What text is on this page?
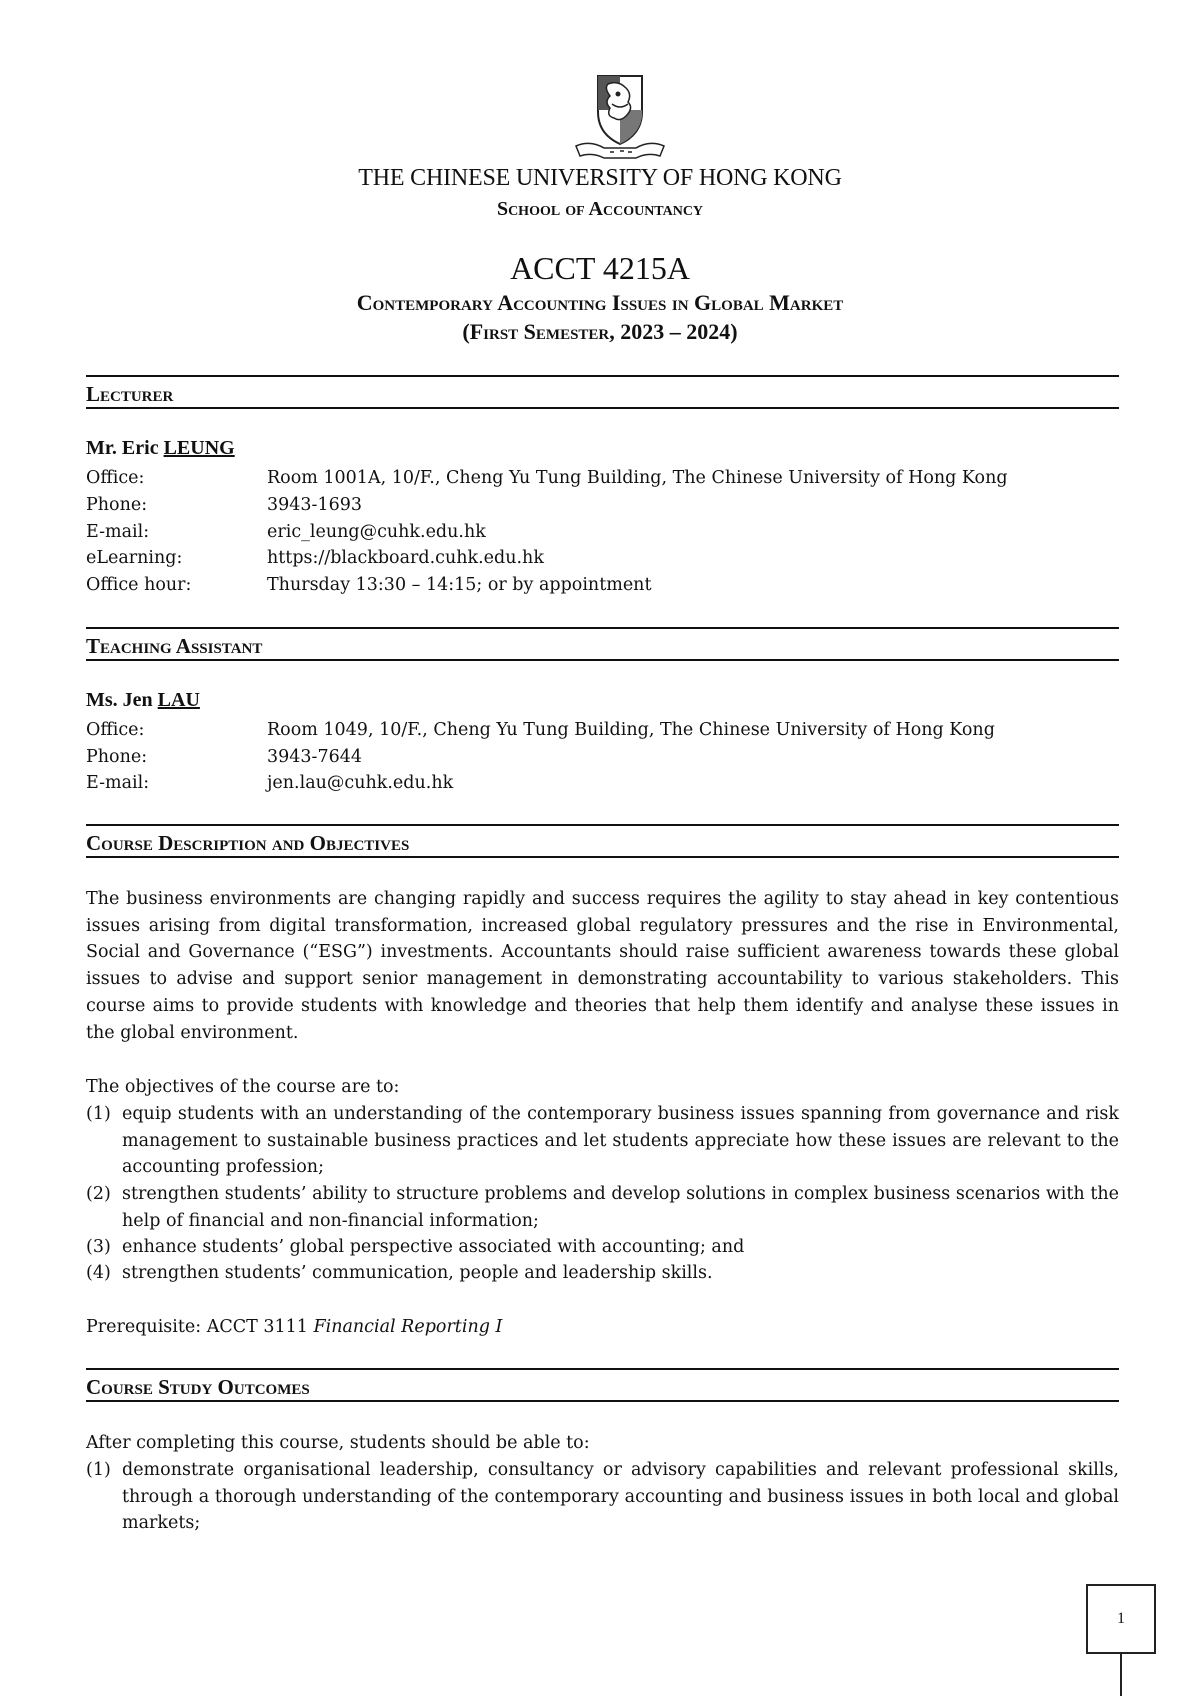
THE CHINESE UNIVERSITY OF HONG KONG
School of Accountancy
ACCT 4215A
Contemporary Accounting Issues in Global Market
(First Semester, 2023 – 2024)
Lecturer
Mr. Eric LEUNG
Office:	Room 1001A, 10/F., Cheng Yu Tung Building, The Chinese University of Hong Kong
Phone:	3943-1693
E-mail:	eric_leung@cuhk.edu.hk
eLearning:	https://blackboard.cuhk.edu.hk
Office hour:	Thursday 13:30 – 14:15; or by appointment
Teaching Assistant
Ms. Jen LAU
Office:	Room 1049, 10/F., Cheng Yu Tung Building, The Chinese University of Hong Kong
Phone:	3943-7644
E-mail:	jen.lau@cuhk.edu.hk
Course Description and Objectives
The business environments are changing rapidly and success requires the agility to stay ahead in key contentious issues arising from digital transformation, increased global regulatory pressures and the rise in Environmental, Social and Governance (“ESG”) investments. Accountants should raise sufficient awareness towards these global issues to advise and support senior management in demonstrating accountability to various stakeholders. This course aims to provide students with knowledge and theories that help them identify and analyse these issues in the global environment.
The objectives of the course are to:
(1) equip students with an understanding of the contemporary business issues spanning from governance and risk management to sustainable business practices and let students appreciate how these issues are relevant to the accounting profession;
(2) strengthen students’ ability to structure problems and develop solutions in complex business scenarios with the help of financial and non-financial information;
(3) enhance students’ global perspective associated with accounting; and
(4) strengthen students’ communication, people and leadership skills.
Prerequisite: ACCT 3111 Financial Reporting I
Course Study Outcomes
After completing this course, students should be able to:
(1) demonstrate organisational leadership, consultancy or advisory capabilities and relevant professional skills, through a thorough understanding of the contemporary accounting and business issues in both local and global markets;
1
